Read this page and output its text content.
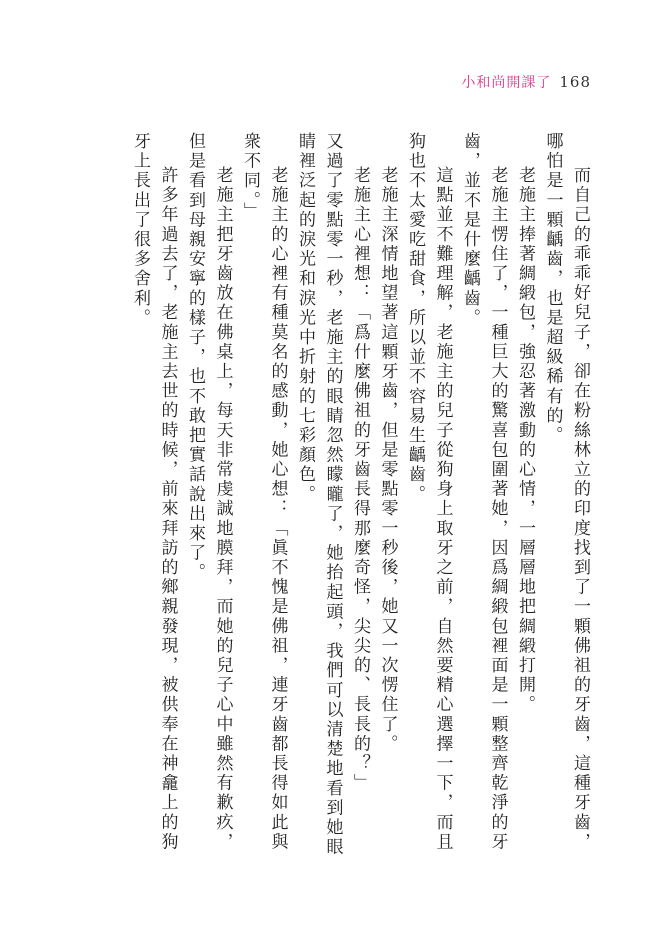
小和尚開課了 168

而自己的乖乖好兒子，卻在粉絲林立的印度找到了一顆佛祖的牙齒，這種牙齒，哪怕是一顆齲齒，也是超級稀有的。

老施主捧著綢緞包，強忍著激動的心情，一層層地把綢緞打開。

老施主愣住了，一種巨大的驚喜包圍著她，因爲綢緞包裡面是一顆整齊乾淨的牙齒，並不是什麼齲齒。

這點並不難理解，老施主的兒子從狗身上取牙之前，自然要精心選擇一下，而且狗也不太愛吃甜食，所以並不容易生齲齒。

老施主深情地望著這顆牙齒，但是零點零一秒後，她又一次愣住了。

老施主心裡想：「爲什麼佛祖的牙齒長得那麼奇怪，尖尖的、長長的？」

又過了零點零一秒，老施主的眼睛忽然矇矓了，她抬起頭，我們可以清楚地看到她眼睛裡泛起的淚光和淚光中折射的七彩顏色。

老施主的心裡有種莫名的感動，她心想：「眞不愧是佛祖，連牙齒都長得如此與衆不同。」

老施主把牙齒放在佛桌上，每天非常虔誠地膜拜，而她的兒子心中雖然有歉疚，但是看到母親安寧的樣子，也不敢把實話說出來了。

許多年過去了，老施主去世的時候，前來拜訪的鄉親發現，被供奉在神龕上的狗牙上長出了很多舍利。
